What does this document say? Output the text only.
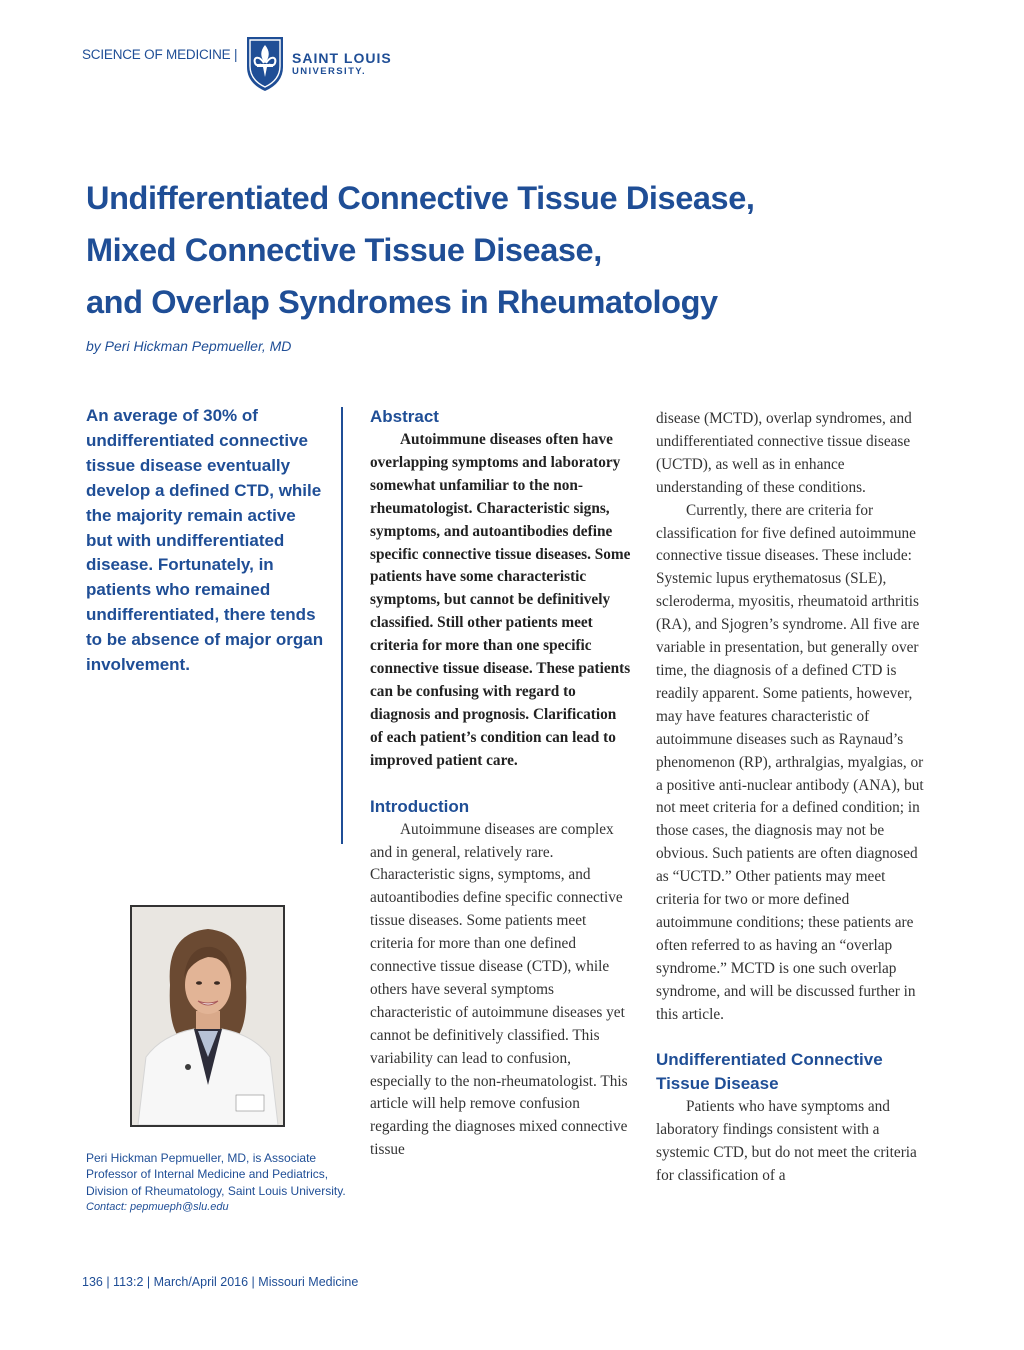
SCIENCE OF MEDICINE |	SAINT LOUIS
UNIVERSITY.
Undifferentiated Connective Tissue Disease,
Mixed Connective Tissue Disease,
and Overlap Syndromes in Rheumatology
by Peri Hickman Pepmueller, MD
An average of 30% of undifferentiated connective tissue disease eventually develop a defined CTD, while the majority remain active but with undifferentiated disease. Fortunately, in patients who remained undifferentiated, there tends to be absence of major organ involvement.
Peri Hickman Pepmueller, MD, is Associate Professor of Internal Medicine and Pediatrics, Division of Rheumatology, Saint Louis University.
Contact: pepmueph@slu.edu
Abstract

Autoimmune diseases often have overlapping symptoms and laboratory somewhat unfamiliar to the non-rheumatologist. Characteristic signs, symptoms, and autoantibodies define specific connective tissue diseases. Some patients have some characteristic symptoms, but cannot be definitively classified. Still other patients meet criteria for more than one specific connective tissue disease. These patients can be confusing with regard to diagnosis and prognosis. Clarification of each patient’s condition can lead to improved patient care.

Introduction

Autoimmune diseases are complex and in general, relatively rare. Characteristic signs, symptoms, and autoantibodies define specific connective tissue diseases. Some patients meet criteria for more than one defined connective tissue disease (CTD), while others have several symptoms characteristic of autoimmune diseases yet cannot be definitively classified. This variability can lead to confusion, especially to the non-rheumatologist. This article will help remove confusion regarding the diagnoses mixed connective tissue

disease (MCTD), overlap syndromes, and undifferentiated connective tissue disease (UCTD), as well as in enhance understanding of these conditions.

Currently, there are criteria for classification for five defined autoimmune connective tissue diseases. These include: Systemic lupus erythematosus (SLE), scleroderma, myositis, rheumatoid arthritis (RA), and Sjogren’s syndrome. All five are variable in presentation, but generally over time, the diagnosis of a defined CTD is readily apparent. Some patients, however, may have features characteristic of autoimmune diseases such as Raynaud’s phenomenon (RP), arthralgias, myalgias, or a positive anti-nuclear antibody (ANA), but not meet criteria for a defined condition; in those cases, the diagnosis may not be obvious. Such patients are often diagnosed as “UCTD.” Other patients may meet criteria for two or more defined autoimmune conditions; these patients are often referred to as having an “overlap syndrome.” MCTD is one such overlap syndrome, and will be discussed further in this article.

Undifferentiated Connective Tissue Disease

Patients who have symptoms and laboratory findings consistent with a systemic CTD, but do not meet the criteria for classification of a

136 | 113:2 | March/April 2016 | Missouri Medicine
